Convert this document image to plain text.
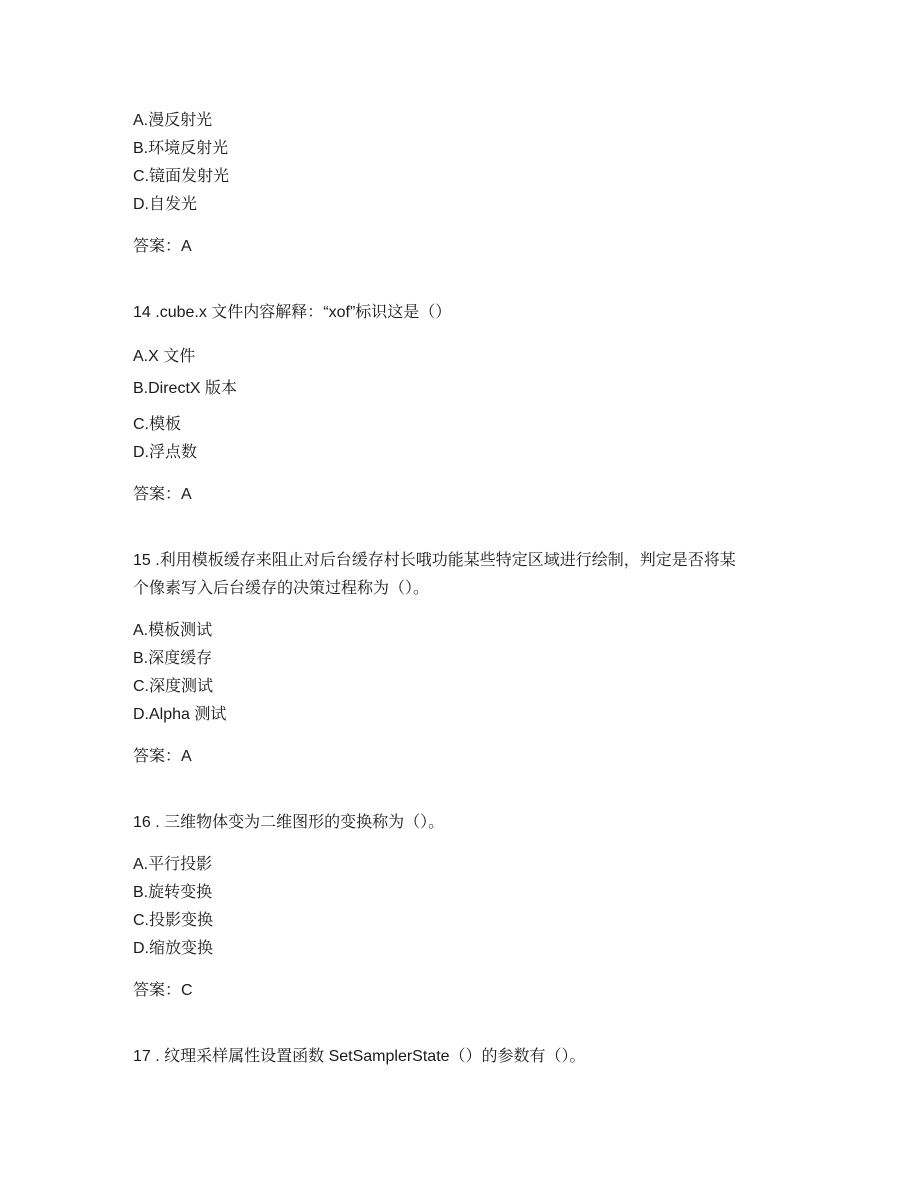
A.漫反射光
B.环境反射光
C.镜面发射光
D.自发光
答案：A
14 .cube.x 文件内容解释：“xof”标识这是（）
A.X 文件
B.DirectX 版本
C.模板
D.浮点数
答案：A
15 .利用模板缓存来阻止对后台缓存村长哦功能某些特定区域进行绘制，判定是否将某
个像素写入后台缓存的决策过程称为（）。
A.模板测试
B.深度缓存
C.深度测试
D.Alpha 测试
答案：A
16 . 三维物体变为二维图形的变换称为（）。
A.平行投影
B.旋转变换
C.投影变换
D.缩放变换
答案：C
17 . 纹理采样属性设置函数 SetSamplerState（）的参数有（）。
